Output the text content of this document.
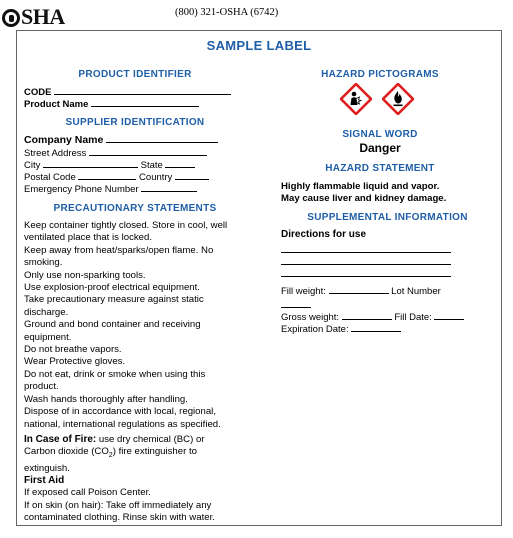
SHA	(800) 321-OSHA (6742)
SAMPLE LABEL
PRODUCT IDENTIFIER
CODE
Product Name
SUPPLIER IDENTIFICATION
Company Name
Street Address
City	State
Postal Code	Country
Emergency Phone Number
PRECAUTIONARY STATEMENTS
Keep container tightly closed. Store in cool, well
ventilated place that is locked.
Keep away from heat/sparks/open flame. No
smoking.
Only use non-sparking tools.
Use explosion-proof electrical equipment.
Take precautionary measure against static
discharge.
Ground and bond container and receiving
equipment.
Do not breathe vapors.
Wear Protective gloves.
Do not eat, drink or smoke when using this
product.
Wash hands thoroughly after handling.
Dispose of in accordance with local, regional,
national, international regulations as specified.
In Case of Fire: use dry chemical (BC) or
Carbon dioxide $(CO_2)$ fire extinguisher to
extinguish.
First Aid
If exposed call Poison Center.
If on skin (on hair): Take off immediately any
contaminated clothing. Rinse skin with water.
HAZARD PICTOGRAMS
SIGNAL WORD
Danger
HAZARD STATEMENT
Highly flammable liquid and vapor.
May cause liver and kidney damage.
SUPPLEMENTAL INFORMATION
Directions for use
Fill weight:	Lot Number
Gross weight:	Fill Date:
Expiration Date:
